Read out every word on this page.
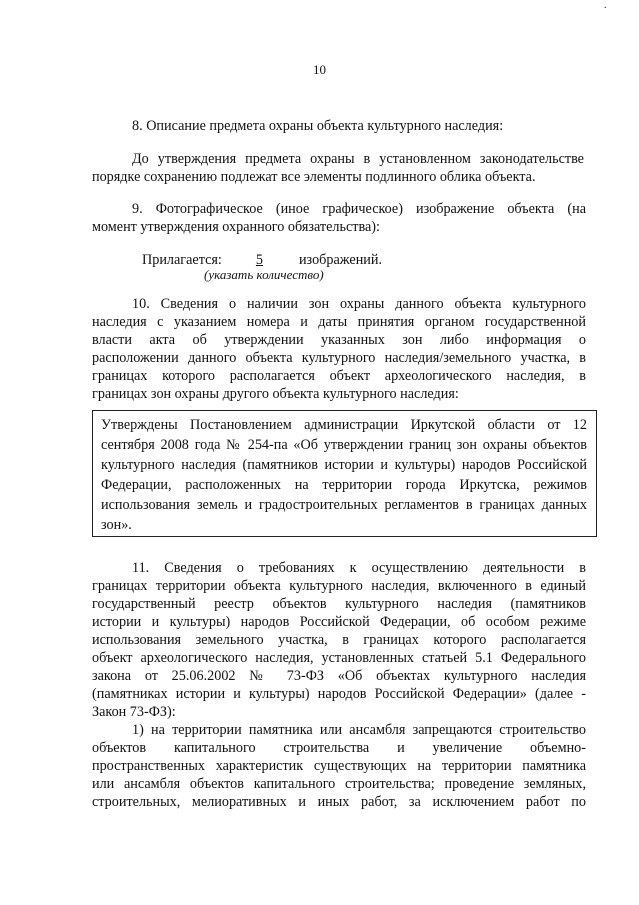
.
10
8. Описание предмета охраны объекта культурного наследия:
До утверждения предмета охраны в установленном законодательстве
порядке сохранению подлежат все элементы подлинного облика объекта.
9. Фотографическое (иное графическое) изображение объекта (на
момент утверждения охранного обязательства):
Прилагается: 5	изображений.
(указать количество)
10. Сведения о наличии зон охраны данного объекта культурного
наследия с указанием номера и даты принятия органом государственной
власти акта об утверждении указанных зон либо информация о
расположении данного объекта культурного наследия/земельного участка, в
границах которого располагается объект археологического наследия, в
границах зон охраны другого объекта культурного наследия:
Утверждены Постановлением администрации Иркутской области от 12
сентября 2008 года № 254-па «Об утверждении границ зон охраны объектов
культурного наследия (памятников истории и культуры) народов Российской
Федерации, расположенных на территории города Иркутска, режимов
использования земель и градостроительных регламентов в границах данных
зон».
11. Сведения о требованиях к осуществлению деятельности в
границах территории объекта культурного наследия, включенного в единый
государственный реестр объектов культурного наследия (памятников
истории и культуры) народов Российской Федерации, об особом режиме
использования земельного участка, в границах которого располагается
объект археологического наследия, установленных статьей 5.1 Федерального
закона от 25.06.2002 № 73-ФЗ «Об объектах культурного наследия
(памятниках истории и культуры) народов Российской Федерации» (далее -
Закон 73-ФЗ):
1) на территории памятника или ансамбля запрещаются строительство
объектов капитального строительства и увеличение объемно-
пространственных характеристик существующих на территории памятника
или ансамбля объектов капитального строительства; проведение земляных,
строительных, мелиоративных и иных работ, за исключением работ по
